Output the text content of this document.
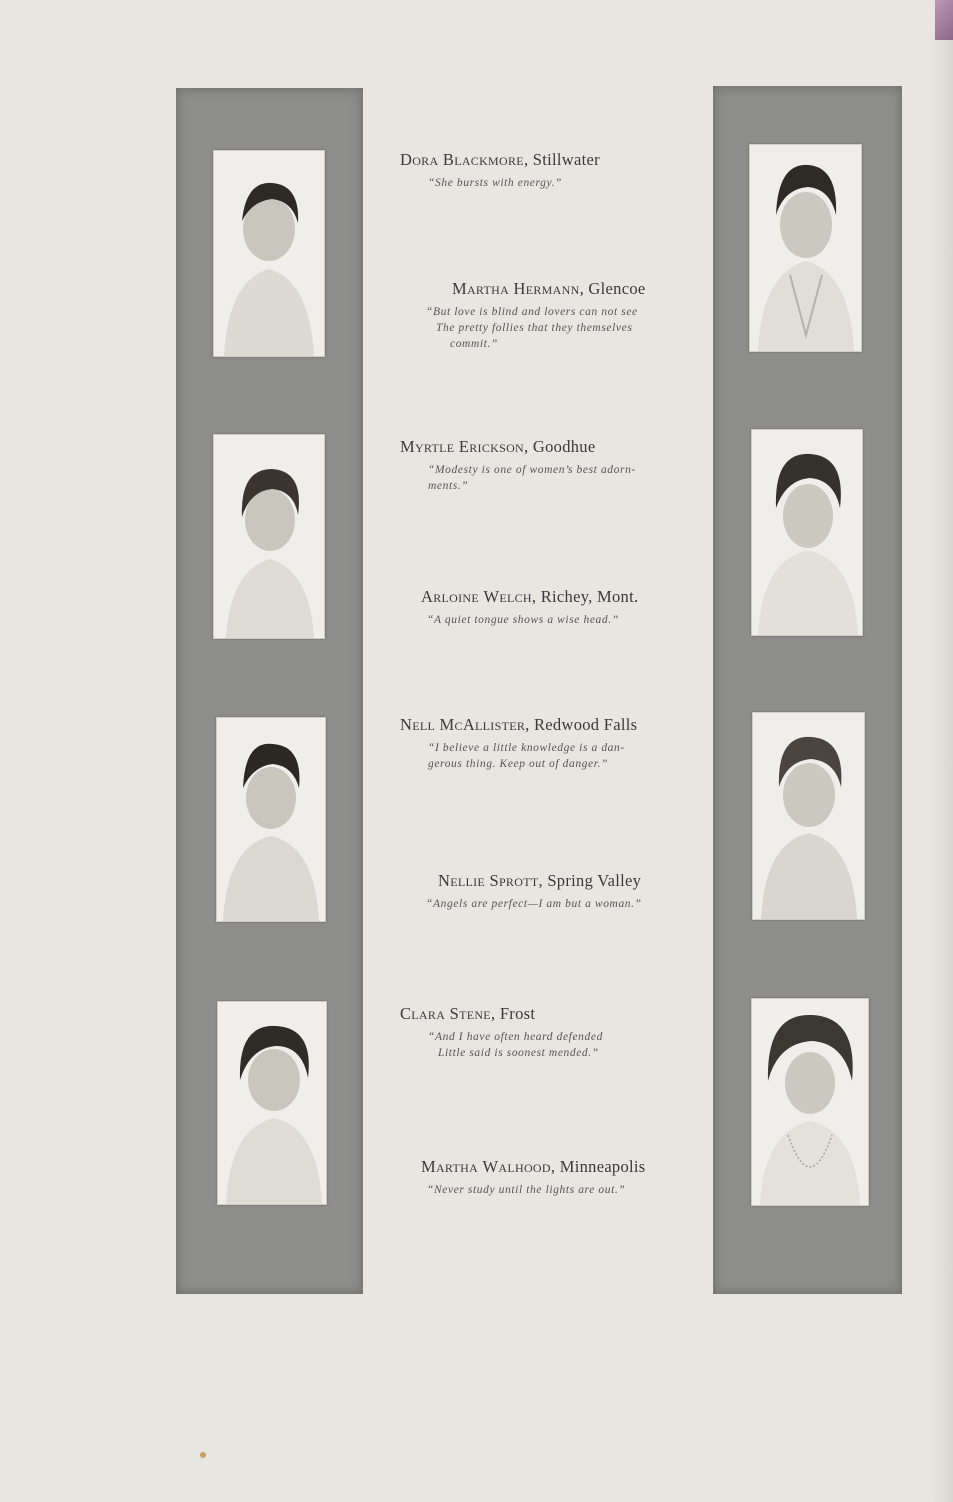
Dora Blackmore, Stillwater
“She bursts with energy.”
Martha Hermann, Glencoe
“But love is blind and lovers can not see
The pretty follies that they themselves
commit.”
Myrtle Erickson, Goodhue
“Modesty is one of women’s best adorn-
ments.”
Arloine Welch, Richey, Mont.
“A quiet tongue shows a wise head.”
Nell McAllister, Redwood Falls
“I believe a little knowledge is a dan-
gerous thing. Keep out of danger.”
Nellie Sprott, Spring Valley
“Angels are perfect—I am but a woman.”
Clara Stene, Frost
“And I have often heard defended
Little said is soonest mended.”
Martha Walhood, Minneapolis
“Never study until the lights are out.”
